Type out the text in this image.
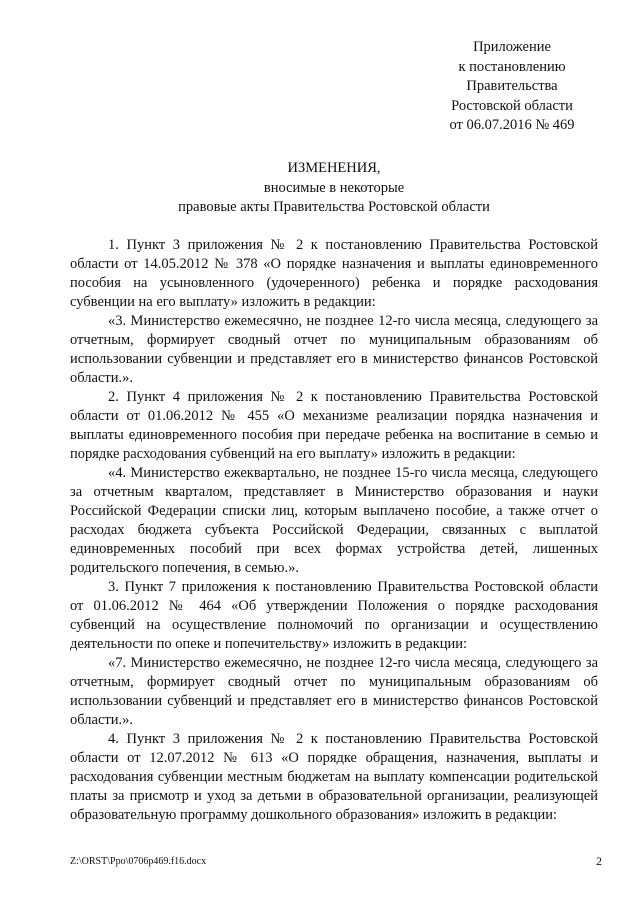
Приложение
к постановлению
Правительства
Ростовской области
от 06.07.2016 № 469
ИЗМЕНЕНИЯ,
вносимые в некоторые
правовые акты Правительства Ростовской области

1. Пункт 3 приложения № 2 к постановлению Правительства Ростовской области от 14.05.2012 № 378 «О порядке назначения и выплаты единовременного пособия на усыновленного (удочеренного) ребенка и порядке расходования субвенции на его выплату» изложить в редакции:

«3. Министерство ежемесячно, не позднее 12-го числа месяца, следующего за отчетным, формирует сводный отчет по муниципальным образованиям об использовании субвенции и представляет его в министерство финансов Ростовской области.».

2. Пункт 4 приложения № 2 к постановлению Правительства Ростовской области от 01.06.2012 № 455 «О механизме реализации порядка назначения и выплаты единовременного пособия при передаче ребенка на воспитание в семью и порядке расходования субвенций на его выплату» изложить в редакции:

«4. Министерство ежеквартально, не позднее 15-го числа месяца, следующего за отчетным кварталом, представляет в Министерство образования и науки Российской Федерации списки лиц, которым выплачено пособие, а также отчет о расходах бюджета субъекта Российской Федерации, связанных с выплатой единовременных пособий при всех формах устройства детей, лишенных родительского попечения, в семью.».

3. Пункт 7 приложения к постановлению Правительства Ростовской области от 01.06.2012 № 464 «Об утверждении Положения о порядке расходования субвенций на осуществление полномочий по организации и осуществлению деятельности по опеке и попечительству» изложить в редакции:

«7. Министерство ежемесячно, не позднее 12-го числа месяца, следующего за отчетным, формирует сводный отчет по муниципальным образованиям об использовании субвенций и представляет его в министерство финансов Ростовской области.».

4. Пункт 3 приложения № 2 к постановлению Правительства Ростовской области от 12.07.2012 № 613 «О порядке обращения, назначения, выплаты и расходования субвенции местным бюджетам на выплату компенсации родительской платы за присмотр и уход за детьми в образовательной организации, реализующей образовательную программу дошкольного образования» изложить в редакции:

Z:\ORST\Ppo\0706p469.f16.docx	2
